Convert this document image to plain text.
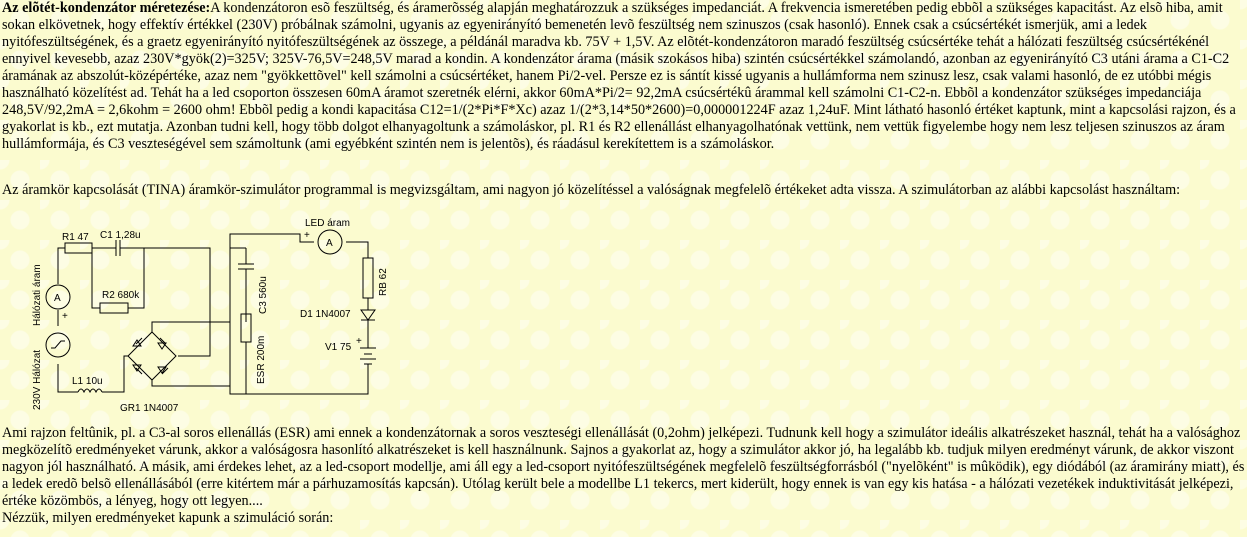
Az elõtét-kondenzátor méretezése:A kondenzátoron esõ feszültség, és áramerõsség alapján meghatározzuk a szükséges impedanciát. A frekvencia ismeretében pedig ebbõl a szükséges kapacitást. Az elsõ hiba, amit sokan elkövetnek, hogy effektív értékkel (230V) próbálnak számolni, ugyanis az egyenirányító bemenetén levõ feszültség nem szinuszos (csak hasonló). Ennek csak a csúcsértékét ismerjük, ami a ledek nyitófeszültségének, és a graetz egyenirányító nyitófeszültségének az összege, a példánál maradva kb. 75V + 1,5V. Az elõtét-kondenzátoron maradó feszültség csúcsértéke tehát a hálózati feszültség csúcsértékénél ennyivel kevesebb, azaz 230V*gyök(2)=325V; 325V-76,5V=248,5V marad a kondin. A kondenzátor árama (másik szokásos hiba) szintén csúcsértékkel számolandó, azonban az egyenirányító C3 utáni árama a C1-C2 áramának az abszolút-középértéke, azaz nem "gyökkettõvel" kell számolni a csúcsértéket, hanem Pi/2-vel. Persze ez is sántít kissé ugyanis a hullámforma nem szinusz lesz, csak valami hasonló, de ez utóbbi mégis használható közelítést ad. Tehát ha a led csoporton összesen 60mA áramot szeretnék elérni, akkor 60mA*Pi/2= 92,2mA csúcsértékû árammal kell számolni C1-C2-n. Ebbõl a kondenzátor szükséges impedanciája 248,5V/92,2mA = 2,6kohm = 2600 ohm! Ebbõl pedig a kondi kapacitása C12=1/(2*Pi*F*Xc) azaz 1/(2*3,14*50*2600)=0,000001224F azaz 1,24uF. Mint látható hasonló értéket kaptunk, mint a kapcsolási rajzon, és a gyakorlat is kb., ezt mutatja. Azonban tudni kell, hogy több dolgot elhanyagoltunk a számoláskor, pl. R1 és R2 ellenállást elhanyagolhatónak vettünk, nem vettük figyelembe hogy nem lesz teljesen szinuszos az áram hullámformája, és C3 veszteségével sem számoltunk (ami egyébként szintén nem is jelentõs), és ráadásul kerekítettem is a számoláskor.

Az áramkör kapcsolását (TINA) áramkör-szimulátor programmal is megvizsgáltam, ami nagyon jó közelítéssel a valóságnak megfelelõ értékeket adta vissza. A szimulátorban az alábbi kapcsolást használtam:

R1 47 C1 1,28u
R2 680k
A
+
Hálózati áram
230V Hálózat	L1 10u
GR1 1N4007
C3 560u
ESR 200m
A
+
LED áram
RB 62
D1 1N4007
+
V1 75

Ami rajzon feltûnik, pl. a C3-al soros ellenállás (ESR) ami ennek a kondenzátornak a soros veszteségi ellenállását (0,2ohm) jelképezi. Tudnunk kell hogy a szimulátor ideális alkatrészeket használ, tehát ha a valósághoz megközelítõ eredményeket várunk, akkor a valóságosra hasonlító alkatrészeket is kell használnunk. Sajnos a gyakorlat az, hogy a szimulátor akkor jó, ha legalább kb. tudjuk milyen eredményt várunk, de akkor viszont nagyon jól használható. A másik, ami érdekes lehet, az a led-csoport modellje, ami áll egy a led-csoport nyitófeszültségének megfelelõ feszültségforrásból ("nyelõként" is mûködik), egy diódából (az áramirány miatt), és a ledek eredõ belsõ ellenállásából (erre kitértem már a párhuzamosítás kapcsán). Utólag került bele a modellbe L1 tekercs, mert kiderült, hogy ennek is van egy kis hatása - a hálózati vezetékek induktivitását jelképezi, értéke közömbös, a lényeg, hogy ott legyen....
Nézzük, milyen eredményeket kapunk a szimuláció során:
